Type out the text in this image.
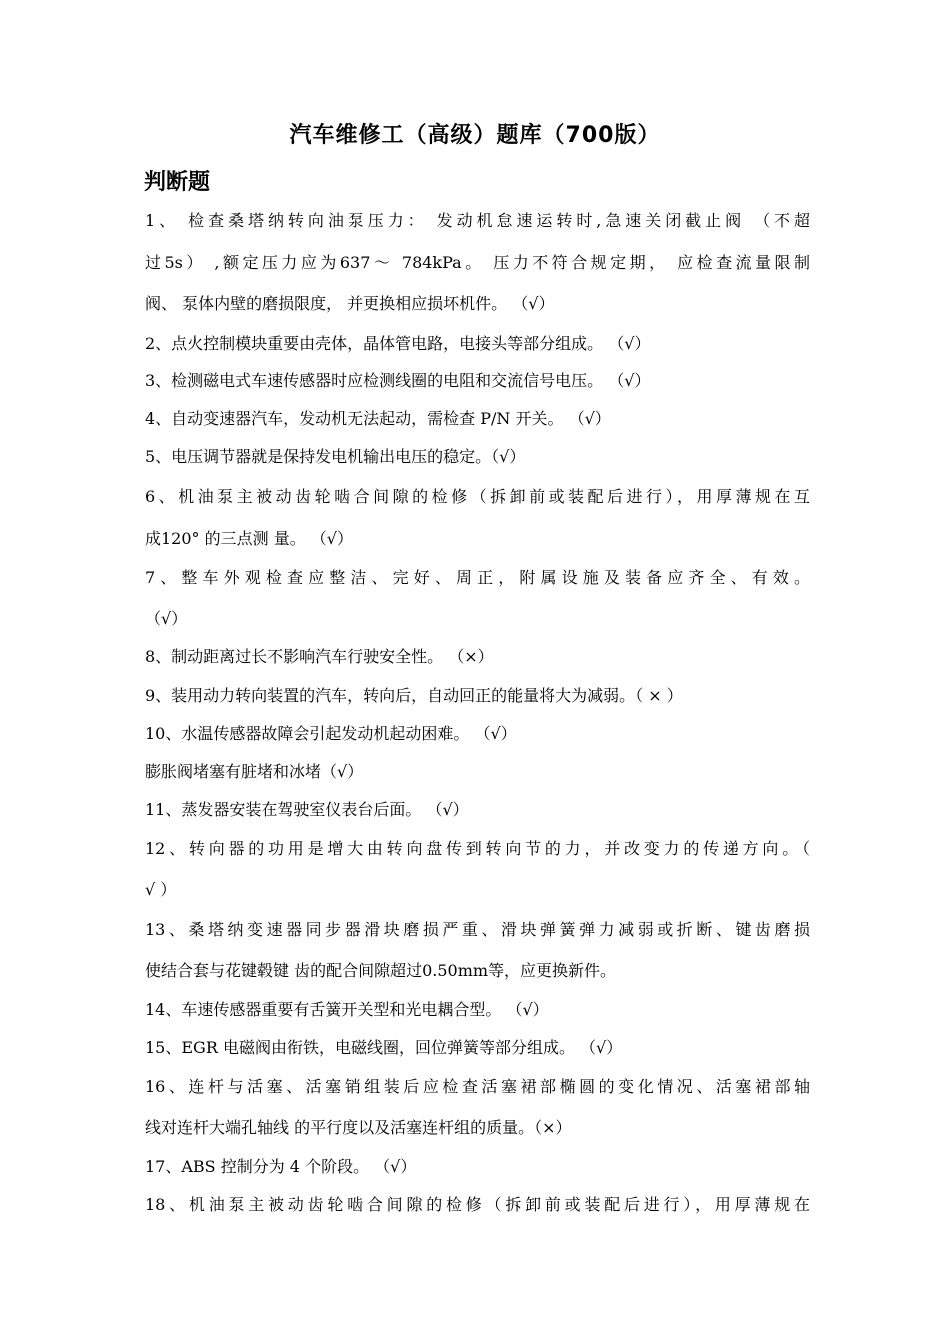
汽车维修工（高级）题库（700版）
判断题
1、 检查桑塔纳转向油泵压力： 发动机怠速运转时,急速关闭截止阀 （不超
过5s） ,额定压力应为637～ 784kPa。 压力不符合规定期， 应检查流量限制
阀、 泵体内壁的磨损限度， 并更换相应损坏机件。 （√）
2、点火控制模块重要由壳体，晶体管电路，电接头等部分组成。 （√）
3、检测磁电式车速传感器时应检测线圈的电阻和交流信号电压。 （√）
4、自动变速器汽车，发动机无法起动，需检查 P/N 开关。 （√）
5、电压调节器就是保持发电机输出电压的稳定。（√）
6、机油泵主被动齿轮啮合间隙的检修（拆卸前或装配后进行），用厚薄规在互
成120° 的三点测 量。 （√）
7、整车外观检查应整洁、完好、周正，附属设施及装备应齐全、有效。
（√）
8、制动距离过长不影响汽车行驶安全性。 （×）
9、装用动力转向装置的汽车，转向后，自动回正的能量将大为减弱。（ × ）
10、水温传感器故障会引起发动机起动困难。 （√）
膨胀阀堵塞有脏堵和冰堵（√）
11、蒸发器安装在驾驶室仪表台后面。 （√）
12、转向器的功用是增大由转向盘传到转向节的力，并改变力的传递方向。（
√ ）
13、桑塔纳变速器同步器滑块磨损严重、滑块弹簧弹力减弱或折断、键齿磨损
使结合套与花键毂键 齿的配合间隙超过0.50mm等，应更换新件。
14、车速传感器重要有舌簧开关型和光电耦合型。 （√）
15、EGR 电磁阀由衔铁，电磁线圈，回位弹簧等部分组成。 （√）
16、连杆与活塞、活塞销组装后应检查活塞裙部椭圆的变化情况、活塞裙部轴
线对连杆大端孔轴线 的平行度以及活塞连杆组的质量。（×）
17、ABS 控制分为 4 个阶段。 （√）
18、机油泵主被动齿轮啮合间隙的检修（拆卸前或装配后进行），用厚薄规在
